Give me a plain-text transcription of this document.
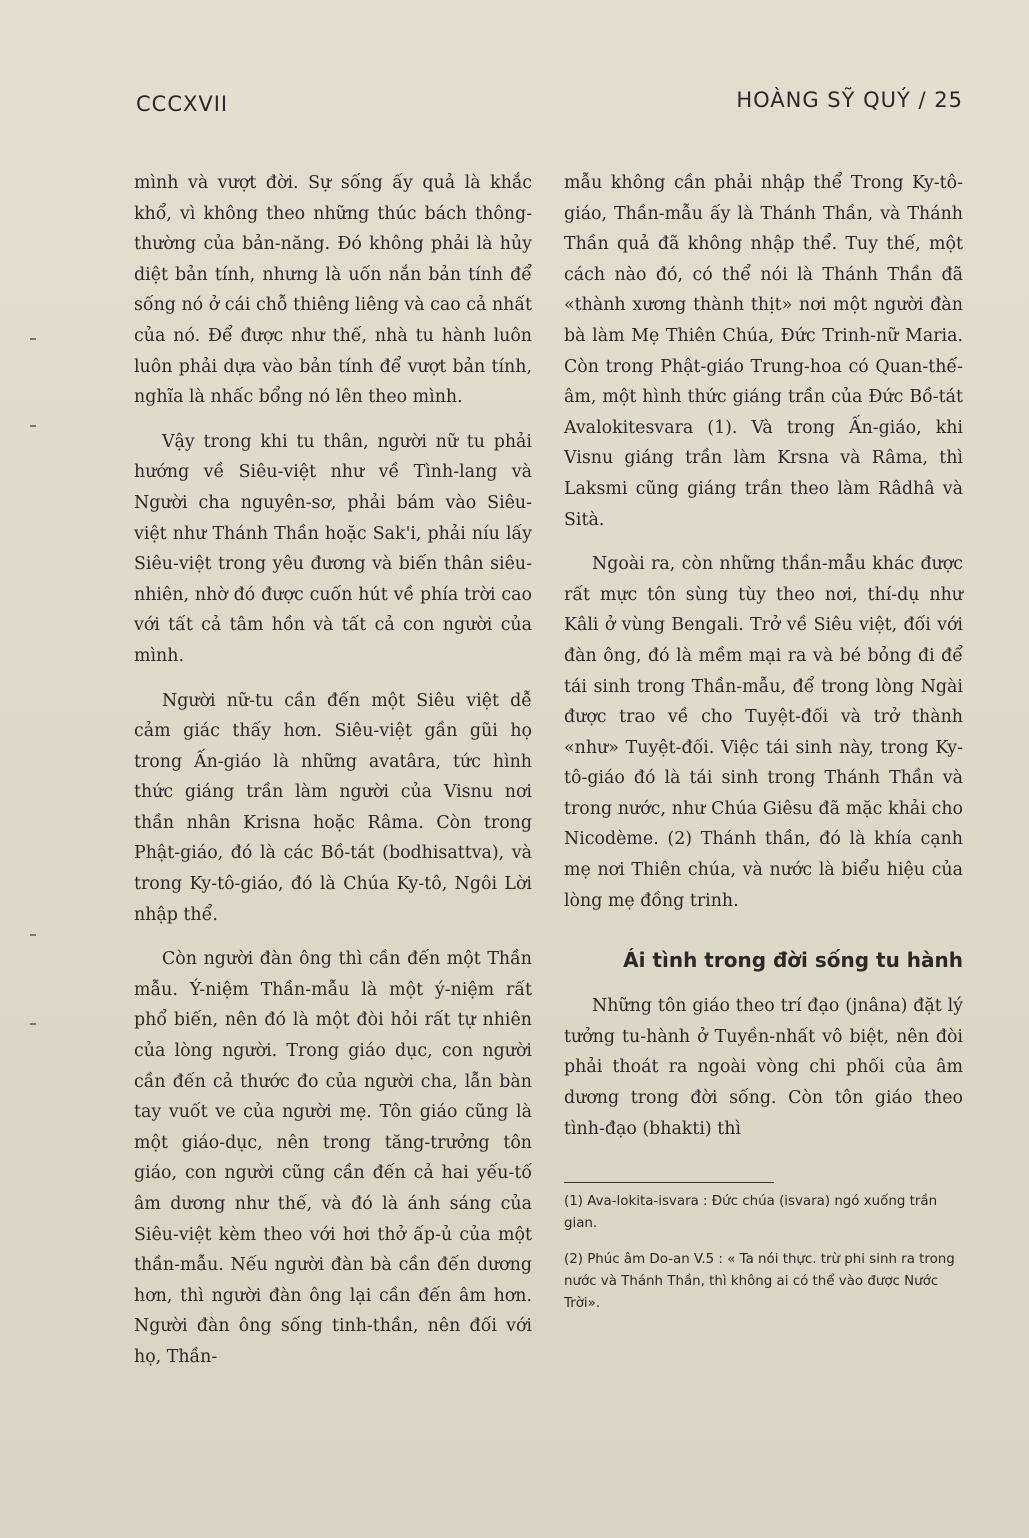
CCCXVII	HOÀNG SỸ QUÝ / 25

mình và vượt đời. Sự sống ấy quả là khắc khổ, vì không theo những thúc bách thông-thường của bản-năng. Đó không phải là hủy diệt bản tính, nhưng là uốn nắn bản tính để sống nó ở cái chỗ thiêng liêng và cao cả nhất của nó. Để được như thế, nhà tu hành luôn luôn phải dựa vào bản tính để vượt bản tính, nghĩa là nhấc bổng nó lên theo mình.

Vậy trong khi tu thân, người nữ tu phải hướng về Siêu-việt như về Tình-lang và Người cha nguyên-sơ, phải bám vào Siêu-việt như Thánh Thần hoặc Sak'i, phải níu lấy Siêu-việt trong yêu đương và biến thân siêu-nhiên, nhờ đó được cuốn hút về phía trời cao với tất cả tâm hồn và tất cả con người của mình.

Người nữ-tu cần đến một Siêu việt dễ cảm giác thấy hơn. Siêu-việt gần gũi họ trong Ấn-giáo là những avatâra, tức hình thức giáng trần làm người của Visnu nơi thần nhân Krisna hoặc Râma. Còn trong Phật-giáo, đó là các Bồ-tát (bodhisattva), và trong Ky-tô-giáo, đó là Chúa Ky-tô, Ngôi Lời nhập thể.

Còn người đàn ông thì cần đến một Thần mẫu. Ý-niệm Thần-mẫu là một ý-niệm rất phổ biến, nên đó là một đòi hỏi rất tự nhiên của lòng người. Trong giáo dục, con người cần đến cả thước đo của người cha, lẫn bàn tay vuốt ve của người mẹ. Tôn giáo cũng là một giáo-dục, nên trong tăng-trưởng tôn giáo, con người cũng cần đến cả hai yếu-tố âm dương như thế, và đó là ánh sáng của Siêu-việt kèm theo với hơi thở ấp-ủ của một thần-mẫu. Nếu người đàn bà cần đến dương hơn, thì người đàn ông lại cần đến âm hơn. Người đàn ông sống tinh-thần, nên đối với họ, Thần-

mẫu không cần phải nhập thể Trong Ky-tô-giáo, Thần-mẫu ấy là Thánh Thần, và Thánh Thần quả đã không nhập thể. Tuy thế, một cách nào đó, có thể nói là Thánh Thần đã «thành xương thành thịt» nơi một người đàn bà làm Mẹ Thiên Chúa, Đức Trinh-nữ Maria. Còn trong Phật-giáo Trung-hoa có Quan-thế-âm, một hình thức giáng trần của Đức Bồ-tát Avalokitesvara (1). Và trong Ấn-giáo, khi Visnu giáng trần làm Krsna và Râma, thì Laksmi cũng giáng trần theo làm Râdhâ và Sità.

Ngoài ra, còn những thần-mẫu khác được rất mực tôn sùng tùy theo nơi, thí-dụ như Kâli ở vùng Bengali. Trở về Siêu việt, đối với đàn ông, đó là mềm mại ra và bé bỏng đi để tái sinh trong Thần-mẫu, để trong lòng Ngài được trao về cho Tuyệt-đối và trở thành «như» Tuyệt-đối. Việc tái sinh này, trong Ky-tô-giáo đó là tái sinh trong Thánh Thần và trong nước, như Chúa Giêsu đã mặc khải cho Nicodème. (2) Thánh thần, đó là khía cạnh mẹ nơi Thiên chúa, và nước là biểu hiệu của lòng mẹ đồng trinh.

Ái tình trong đời sống tu hành

Những tôn giáo theo trí đạo (jnâna) đặt lý tưởng tu-hành ở Tuyền-nhất vô biệt, nên đòi phải thoát ra ngoài vòng chi phối của âm dương trong đời sống. Còn tôn giáo theo tình-đạo (bhakti) thì

(1) Ava-lokita-isvara : Đức chúa (isvara) ngó xuống trần gian.

(2) Phúc âm Do-an V.5 : « Ta nói thực. trừ phi sinh ra trong nước và Thánh Thần, thì không ai có thể vào được Nước Trời».
